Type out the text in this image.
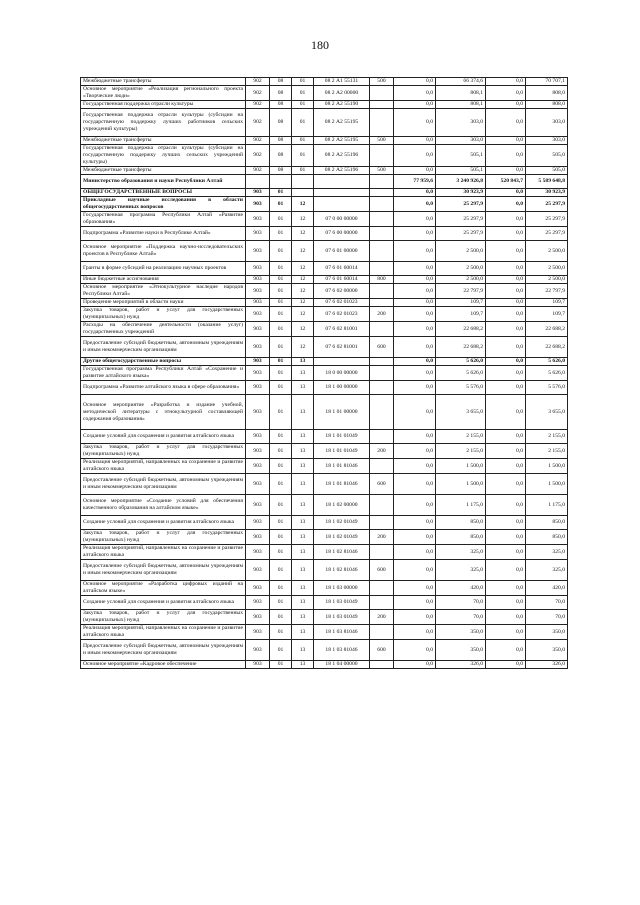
180
Межбюджетные трансферты	902	08	01	08 2 А1 55131	500	0,0	66 374,6	0,0	70 707,1
Основное мероприятие «Реализация регионального проекта «Творческие люди»	902	08	01	08 2 А2 00000		0,0	808,1	0,0	808,0
Государственная поддержка отрасли культуры	902	08	01	08 2 А2 55190		0,0	808,1	0,0	808,0
Государственная поддержка отрасли культуры (субсидии на государственную поддержку лучших работников сельских учреждений культуры)	902	08	01	08 2 А2 55195		0,0	303,0	0,0	303,0
Межбюджетные трансферты	902	08	01	08 2 А2 55195	500	0,0	303,0	0,0	303,0
Государственная поддержка отрасли культуры (субсидии на государственную поддержку лучших сельских учреждений культуры)	902	08	01	08 2 А2 55196		0,0	505,1	0,0	505,0
Межбюджетные трансферты	902	08	01	08 2 А2 55196	500	0,0	505,1	0,0	505,0
Министерство образования и науки Республики Алтай						77 959,6	3 240 926,8	520 843,7	5 589 648,8
ОБЩЕГОСУДАРСТВЕННЫЕ ВОПРОСЫ	903	01				0,0	30 923,9	0,0	30 923,9
Прикладные научные исследования в области общегосударственных вопросов	903	01	12			0,0	25 297,9	0,0	25 297,9
Государственная программа Республики Алтай «Развитие образования»	903	01	12	07 0 00 00000		0,0	25 297,9	0,0	25 297,9
Подпрограмма «Развитие науки в Республике Алтай»	903	01	12	07 6 00 00000		0,0	25 297,9	0,0	25 297,9
Основное мероприятие «Поддержка научно-исследовательских проектов в Республике Алтай»	903	01	12	07 6 01 00000		0,0	2 500,0	0,0	2 500,0
Гранты в форме субсидий на реализацию научных проектов	903	01	12	07 6 01 60014		0,0	2 500,0	0,0	2 500,0
Иные бюджетные ассигнования	903	01	12	07 6 01 60014	800	0,0	2 500,0	0,0	2 500,0
Основное мероприятие «Этнокультурное наследие народов Республики Алтай»	903	01	12	07 6 02 00000		0,0	22 797,9	0,0	22 797,9
Проведение мероприятий в области науки	903	01	12	07 6 02 01023		0,0	109,7	0,0	109,7
Закупка товаров, работ и услуг для государственных (муниципальных) нужд	903	01	12	07 6 02 01023	200	0,0	109,7	0,0	109,7
Расходы на обеспечение деятельности (оказание услуг) государственных учреждений	903	01	12	07 6 02 81001		0,0	22 688,2	0,0	22 688,2
Предоставление субсидий бюджетным, автономным учреждениям и иным некоммерческим организациям	903	01	12	07 6 02 81001	600	0,0	22 688,2	0,0	22 688,2
Другие общегосударственные вопросы	903	01	13			0,0	5 626,0	0,0	5 626,0
Государственная программа Республики Алтай «Сохранение и развитие алтайского языка»	903	01	13	18 0 00 00000		0,0	5 626,0	0,0	5 626,0
Подпрограмма «Развитие алтайского языка в сфере образования»	903	01	13	18 1 00 00000		0,0	5 576,0	0,0	5 576,0
Основное мероприятие «Разработка и издание учебной, методической литературы с этнокультурной составляющей содержания образования»	903	01	13	18 1 01 00000		0,0	3 655,0	0,0	3 655,0
Создание условий для сохранения и развития алтайского языка	903	01	13	18 1 01 01049		0,0	2 155,0	0,0	2 155,0
Закупка товаров, работ и услуг для государственных (муниципальных) нужд	903	01	13	18 1 01 01049	200	0,0	2 155,0	0,0	2 155,0
Реализация мероприятий, направленных на сохранение и развитие алтайского языка	903	01	13	18 1 01 81046		0,0	1 500,0	0,0	1 500,0
Предоставление субсидий бюджетным, автономным учреждениям и иным некоммерческим организациям	903	01	13	18 1 01 81046	600	0,0	1 500,0	0,0	1 500,0
Основное мероприятие «Создание условий для обеспечения качественного образования на алтайском языке»	903	01	13	18 1 02 00000		0,0	1 175,0	0,0	1 175,0
Создание условий для сохранения и развития алтайского языка	903	01	13	18 1 02 01049		0,0	850,0	0,0	850,0
Закупка товаров, работ и услуг для государственных (муниципальных) нужд	903	01	13	18 1 02 01049	200	0,0	850,0	0,0	850,0
Реализация мероприятий, направленных на сохранение и развитие алтайского языка	903	01	13	18 1 02 81046		0,0	325,0	0,0	325,0
Предоставление субсидий бюджетным, автономным учреждениям и иным некоммерческим организациям	903	01	13	18 1 02 81046	600	0,0	325,0	0,0	325,0
Основное мероприятие «Разработка цифровых изданий на алтайском языке»	903	01	13	18 1 03 00000		0,0	420,0	0,0	420,0
Создание условий для сохранения и развития алтайского языка	903	01	13	18 1 03 01049		0,0	70,0	0,0	70,0
Закупка товаров, работ и услуг для государственных (муниципальных) нужд	903	01	13	18 1 03 01049	200	0,0	70,0	0,0	70,0
Реализация мероприятий, направленных на сохранение и развитие алтайского языка	903	01	13	18 1 03 81046		0,0	350,0	0,0	350,0
Предоставление субсидий бюджетным, автономным учреждениям и иным некоммерческим организациям	903	01	13	18 1 03 81046	600	0,0	350,0	0,0	350,0
Основное мероприятие «Кадровое обеспечение	903	01	13	18 1 04 00000		0,0	326,0	0,0	326,0
